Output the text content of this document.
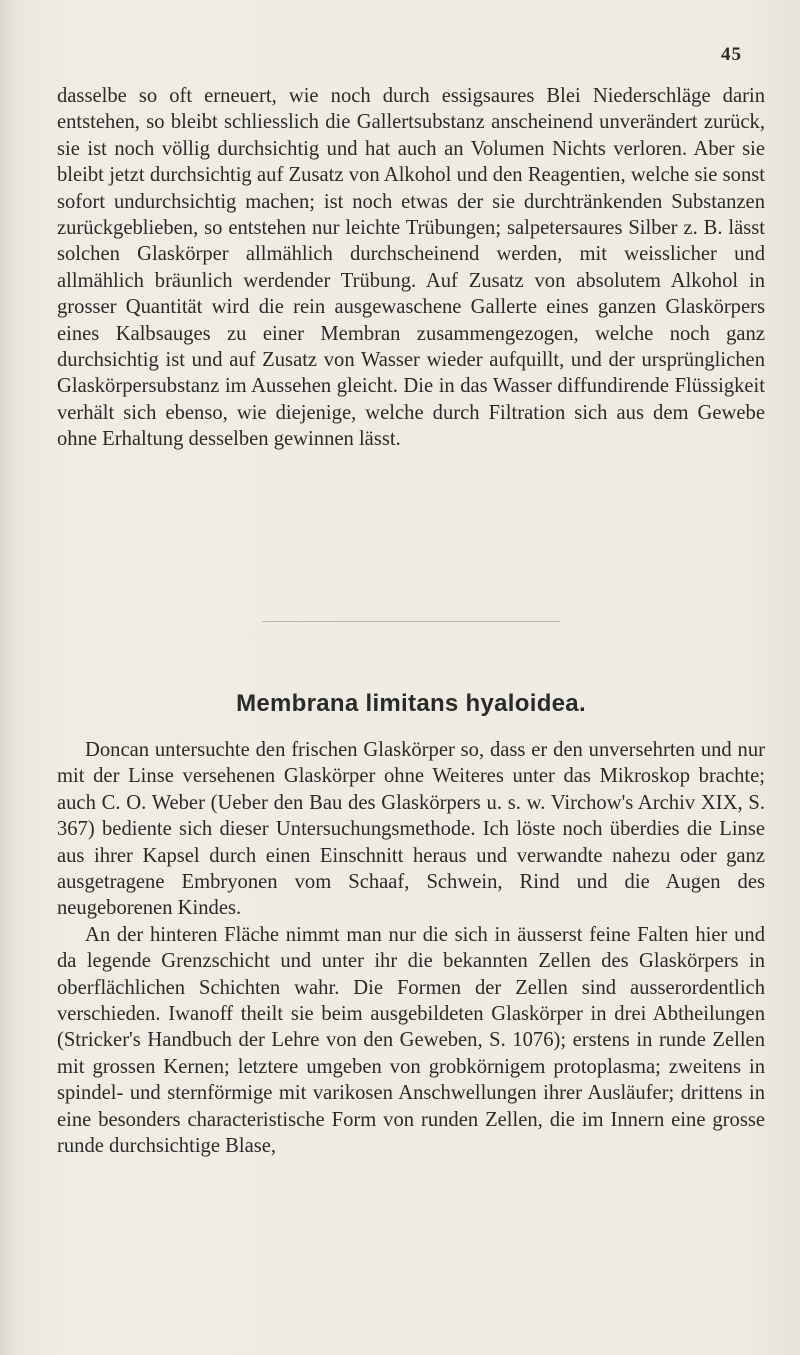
45

dasselbe so oft erneuert, wie noch durch essigsaures Blei Niederschläge darin entstehen, so bleibt schliesslich die Gallertsubstanz anscheinend unverändert zurück, sie ist noch völlig durchsichtig und hat auch an Volumen Nichts verloren. Aber sie bleibt jetzt durchsichtig auf Zusatz von Alkohol und den Reagentien, welche sie sonst sofort undurchsichtig machen; ist noch etwas der sie durchtränkenden Substanzen zurückgeblieben, so entstehen nur leichte Trübungen; salpetersaures Silber z. B. lässt solchen Glaskörper allmählich durchscheinend werden, mit weisslicher und allmählich bräunlich werdender Trübung. Auf Zusatz von absolutem Alkohol in grosser Quantität wird die rein ausgewaschene Gallerte eines ganzen Glaskörpers eines Kalbsauges zu einer Membran zusammengezogen, welche noch ganz durchsichtig ist und auf Zusatz von Wasser wieder aufquillt, und der ursprünglichen Glaskörpersubstanz im Aussehen gleicht. Die in das Wasser diffundirende Flüssigkeit verhält sich ebenso, wie diejenige, welche durch Filtration sich aus dem Gewebe ohne Erhaltung desselben gewinnen lässt.

Membrana limitans hyaloidea.

Doncan untersuchte den frischen Glaskörper so, dass er den unversehrten und nur mit der Linse versehenen Glaskörper ohne Weiteres unter das Mikroskop brachte; auch C. O. Weber (Ueber den Bau des Glaskörpers u. s. w. Virchow's Archiv XIX, S. 367) bediente sich dieser Untersuchungsmethode. Ich löste noch überdies die Linse aus ihrer Kapsel durch einen Einschnitt heraus und verwandte nahezu oder ganz ausgetragene Embryonen vom Schaaf, Schwein, Rind und die Augen des neugeborenen Kindes.

An der hinteren Fläche nimmt man nur die sich in äusserst feine Falten hier und da legende Grenzschicht und unter ihr die bekannten Zellen des Glaskörpers in oberflächlichen Schichten wahr. Die Formen der Zellen sind ausserordentlich verschieden. Iwanoff theilt sie beim ausgebildeten Glaskörper in drei Abtheilungen (Stricker's Handbuch der Lehre von den Geweben, S. 1076); erstens in runde Zellen mit grossen Kernen; letztere umgeben von grobkörnigem protoplasma; zweitens in spindel- und sternförmige mit varikosen Anschwellungen ihrer Ausläufer; drittens in eine besonders characteristische Form von runden Zellen, die im Innern eine grosse runde durchsichtige Blase,
